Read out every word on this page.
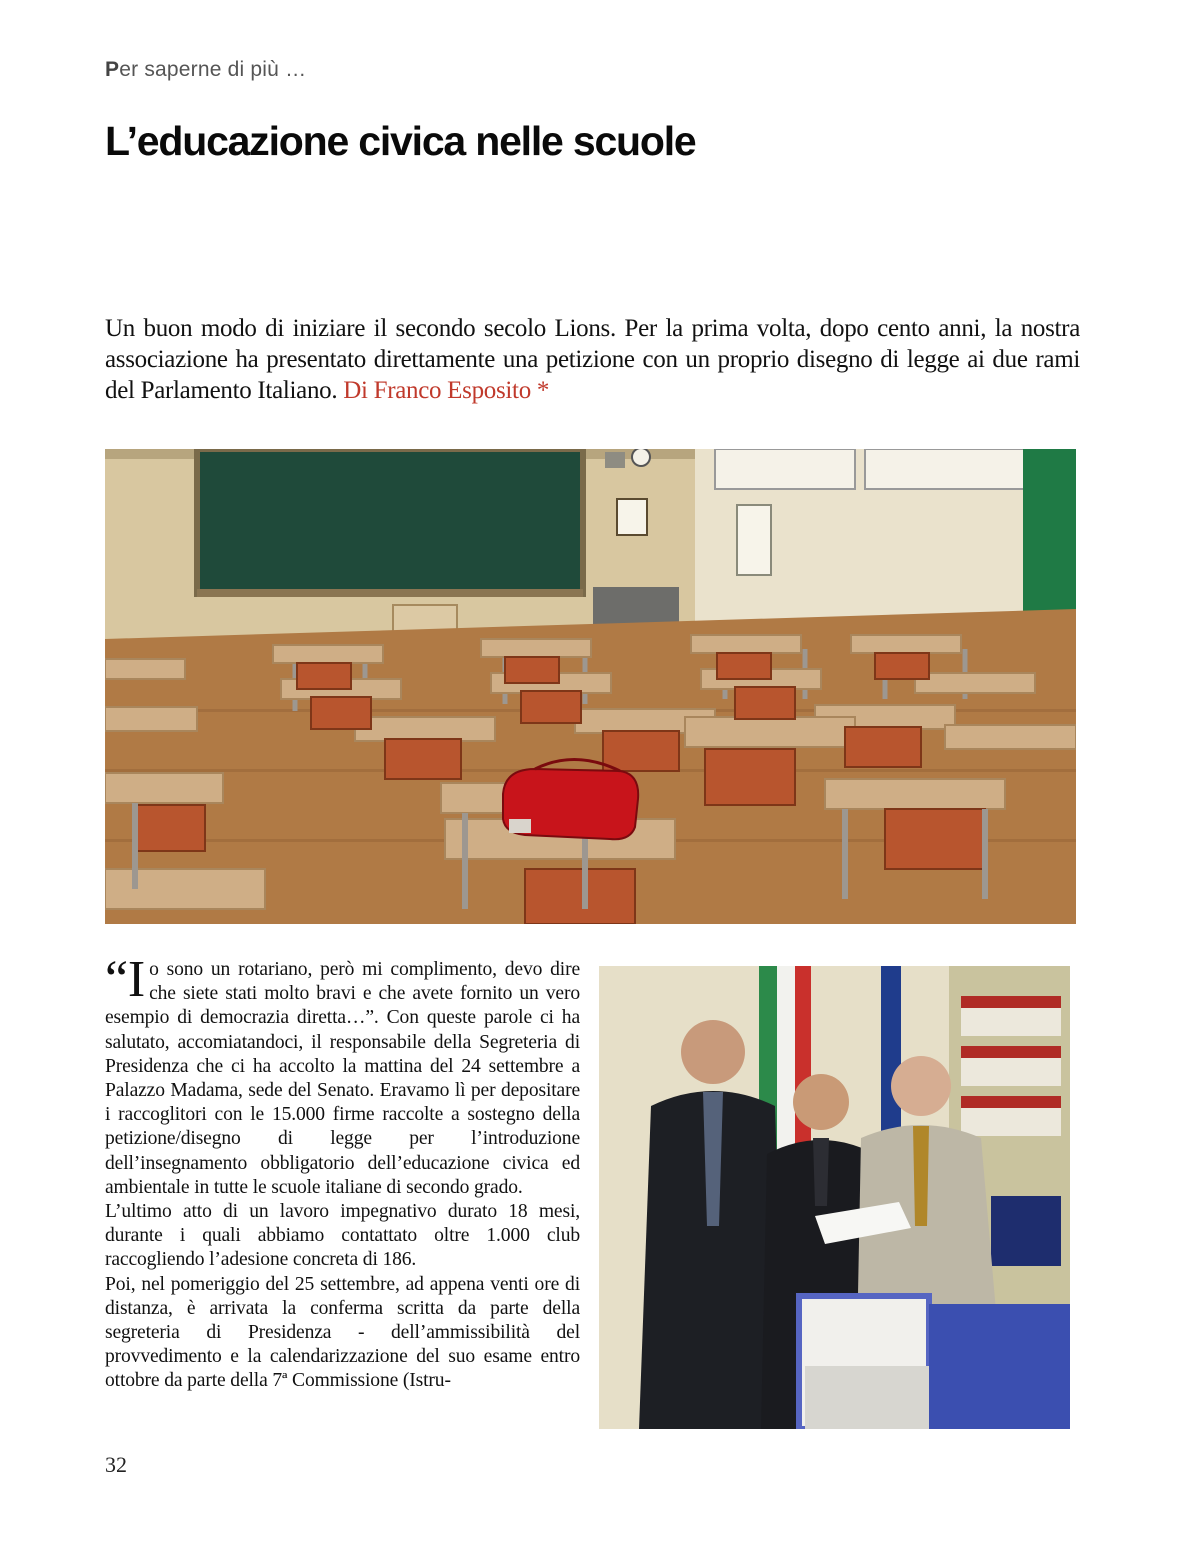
Per saperne di più …
L’educazione civica nelle scuole

Un buon modo di iniziare il secondo secolo Lions. Per la prima volta, dopo cento anni, la nostra associazione ha presentato direttamente una petizione con un proprio disegno di legge ai due rami del Parlamento Italiano. Di Franco Esposito *

“Io sono un rotariano, però mi complimento, devo dire che siete stati molto bravi e che avete fornito un vero esempio di democrazia diretta…”. Con queste parole ci ha salutato, accomiatandoci, il responsabile della Segreteria di Presidenza che ci ha accolto la mattina del 24 settembre a Palazzo Madama, sede del Senato. Eravamo lì per depositare i raccoglitori con le 15.000 firme raccolte a sostegno della petizione/disegno di legge per l’introduzione dell’insegnamento obbligatorio dell’educazione civica ed ambientale in tutte le scuole italiane di secondo grado.

L’ultimo atto di un lavoro impegnativo durato 18 mesi, durante i quali abbiamo contattato oltre 1.000 club raccogliendo l’adesione concreta di 186.

Poi, nel pomeriggio del 25 settembre, ad appena venti ore di distanza, è arrivata la conferma scritta da parte della segreteria di Presidenza - dell’ammissibilità del provvedimento e la calendarizzazione del suo esame entro ottobre da parte della 7ª Commissione (Istru-

32
